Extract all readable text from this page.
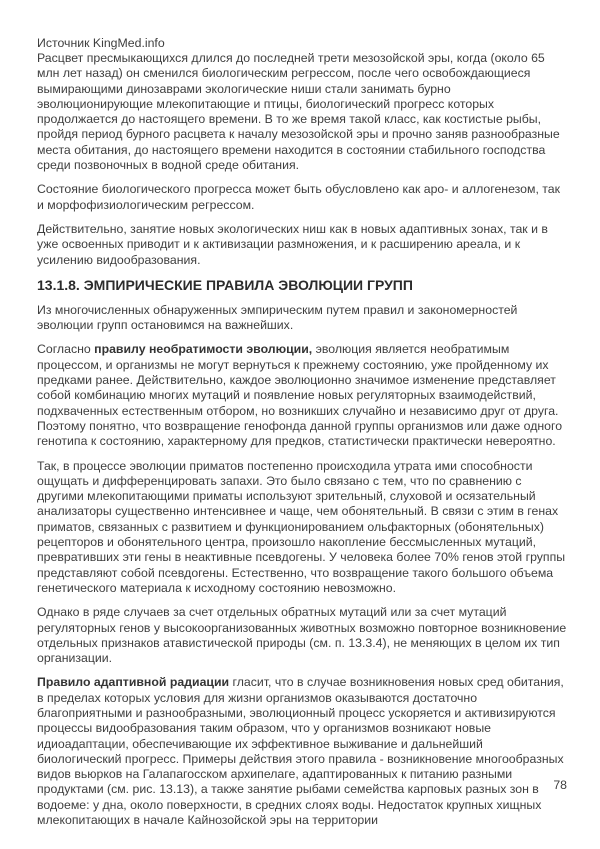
Источник KingMed.info

Расцвет пресмыкающихся длился до последней трети мезозойской эры, когда (около 65 млн лет назад) он сменился биологическим регрессом, после чего освобождающиеся вымирающими динозаврами экологические ниши стали занимать бурно эволюционирующие млекопитающие и птицы, биологический прогресс которых продолжается до настоящего времени. В то же время такой класс, как костистые рыбы, пройдя период бурного расцвета к началу мезозойской эры и прочно заняв разнообразные места обитания, до настоящего времени находится в состоянии стабильного господства среди позвоночных в водной среде обитания.

Состояние биологического прогресса может быть обусловлено как аро- и аллогенезом, так и морфофизиологическим регрессом.

Действительно, занятие новых экологических ниш как в новых адаптивных зонах, так и в уже освоенных приводит и к активизации размножения, и к расширению ареала, и к усилению видообразования.

13.1.8. ЭМПИРИЧЕСКИЕ ПРАВИЛА ЭВОЛЮЦИИ ГРУПП

Из многочисленных обнаруженных эмпирическим путем правил и закономерностей эволюции групп остановимся на важнейших.

Согласно правилу необратимости эволюции, эволюция является необратимым процессом, и организмы не могут вернуться к прежнему состоянию, уже пройденному их предками ранее. Действительно, каждое эволюционно значимое изменение представляет собой комбинацию многих мутаций и появление новых регуляторных взаимодействий, подхваченных естественным отбором, но возникших случайно и независимо друг от друга. Поэтому понятно, что возвращение генофонда данной группы организмов или даже одного генотипа к состоянию, характерному для предков, статистически практически невероятно.

Так, в процессе эволюции приматов постепенно происходила утрата ими способности ощущать и дифференцировать запахи. Это было связано с тем, что по сравнению с другими млекопитающими приматы используют зрительный, слуховой и осязательный анализаторы существенно интенсивнее и чаще, чем обонятельный. В связи с этим в генах приматов, связанных с развитием и функционированием ольфакторных (обонятельных) рецепторов и обонятельного центра, произошло накопление бессмысленных мутаций, превративших эти гены в неактивные псевдогены. У человека более 70% генов этой группы представляют собой псевдогены. Естественно, что возвращение такого большого объема генетического материала к исходному состоянию невозможно.

Однако в ряде случаев за счет отдельных обратных мутаций или за счет мутаций регуляторных генов у высокоорганизованных животных возможно повторное возникновение отдельных признаков атавистической природы (см. п. 13.3.4), не меняющих в целом их тип организации.

Правило адаптивной радиации гласит, что в случае возникновения новых сред обитания, в пределах которых условия для жизни организмов оказываются достаточно благоприятными и разнообразными, эволюционный процесс ускоряется и активизируются процессы видообразования таким образом, что у организмов возникают новые идиоадаптации, обеспечивающие их эффективное выживание и дальнейший биологический прогресс. Примеры действия этого правила - возникновение многообразных видов вьюрков на Галапагосском архипелаге, адаптированных к питанию разными продуктами (см. рис. 13.13), а также занятие рыбами семейства карповых разных зон в водоеме: у дна, около поверхности, в средних слоях воды. Недостаток крупных хищных млекопитающих в начале Кайнозойской эры на территории

78
